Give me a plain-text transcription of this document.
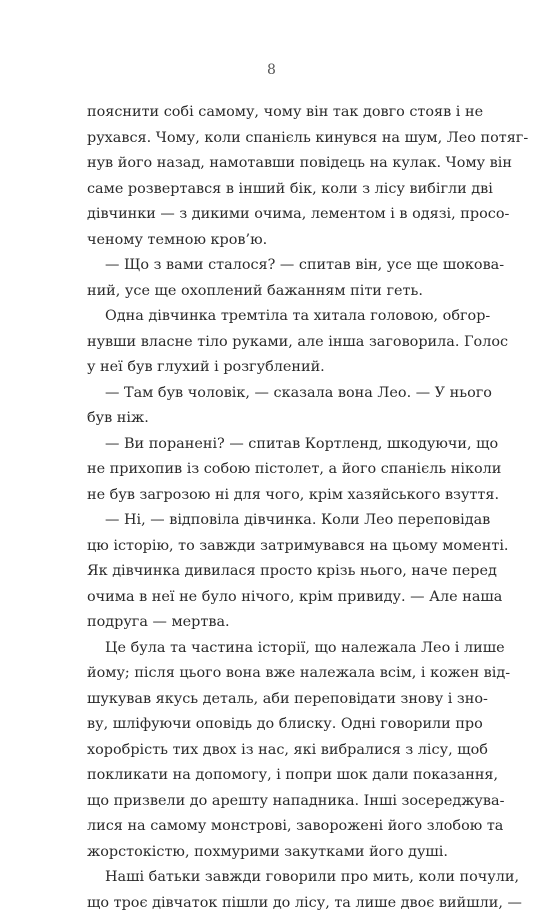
8
пояснити собі самому, чому він так довго стояв і не
рухався. Чому, коли спанієль кинувся на шум, Лео потяг-
нув його назад, намотавши повідець на кулак. Чому він
саме розвертався в інший бік, коли з лісу вибігли дві
дівчинки — з дикими очима, лементом і в одязі, просо-
ченому темною кров’ю.
— Що з вами сталося? — спитав він, усе ще шокова-
ний, усе ще охоплений бажанням піти геть.
Одна дівчинка тремтіла та хитала головою, обгор-
нувши власне тіло руками, але інша заговорила. Голос
у неї був глухий і розгублений.
— Там був чоловік, — сказала вона Лео. — У нього
був ніж.
— Ви поранені? — спитав Кортленд, шкодуючи, що
не прихопив із собою пістолет, а його спанієль ніколи
не був загрозою ні для чого, крім хазяйського взуття.
— Ні, — відповіла дівчинка. Коли Лео переповідав
цю історію, то завжди затримувався на цьому моменті.
Як дівчинка дивилася просто крізь нього, наче перед
очима в неї не було нічого, крім привиду. — Але наша
подруга — мертва.
Це була та частина історії, що належала Лео і лише
йому; після цього вона вже належала всім, і кожен від-
шукував якусь деталь, аби переповідати знову і зно-
ву, шліфуючи оповідь до блиску. Одні говорили про
хоробрість тих двох із нас, які вибралися з лісу, щоб
покликати на допомогу, і попри шок дали показання,
що призвели до арешту нападника. Інші зосереджува-
лися на самому монстрові, заворожені його злобою та
жорстокістю, похмурими закутками його душі.
Наші батьки завжди говорили про мить, коли почули,
що троє дівчаток пішли до лісу, та лише двоє вийшли, —
